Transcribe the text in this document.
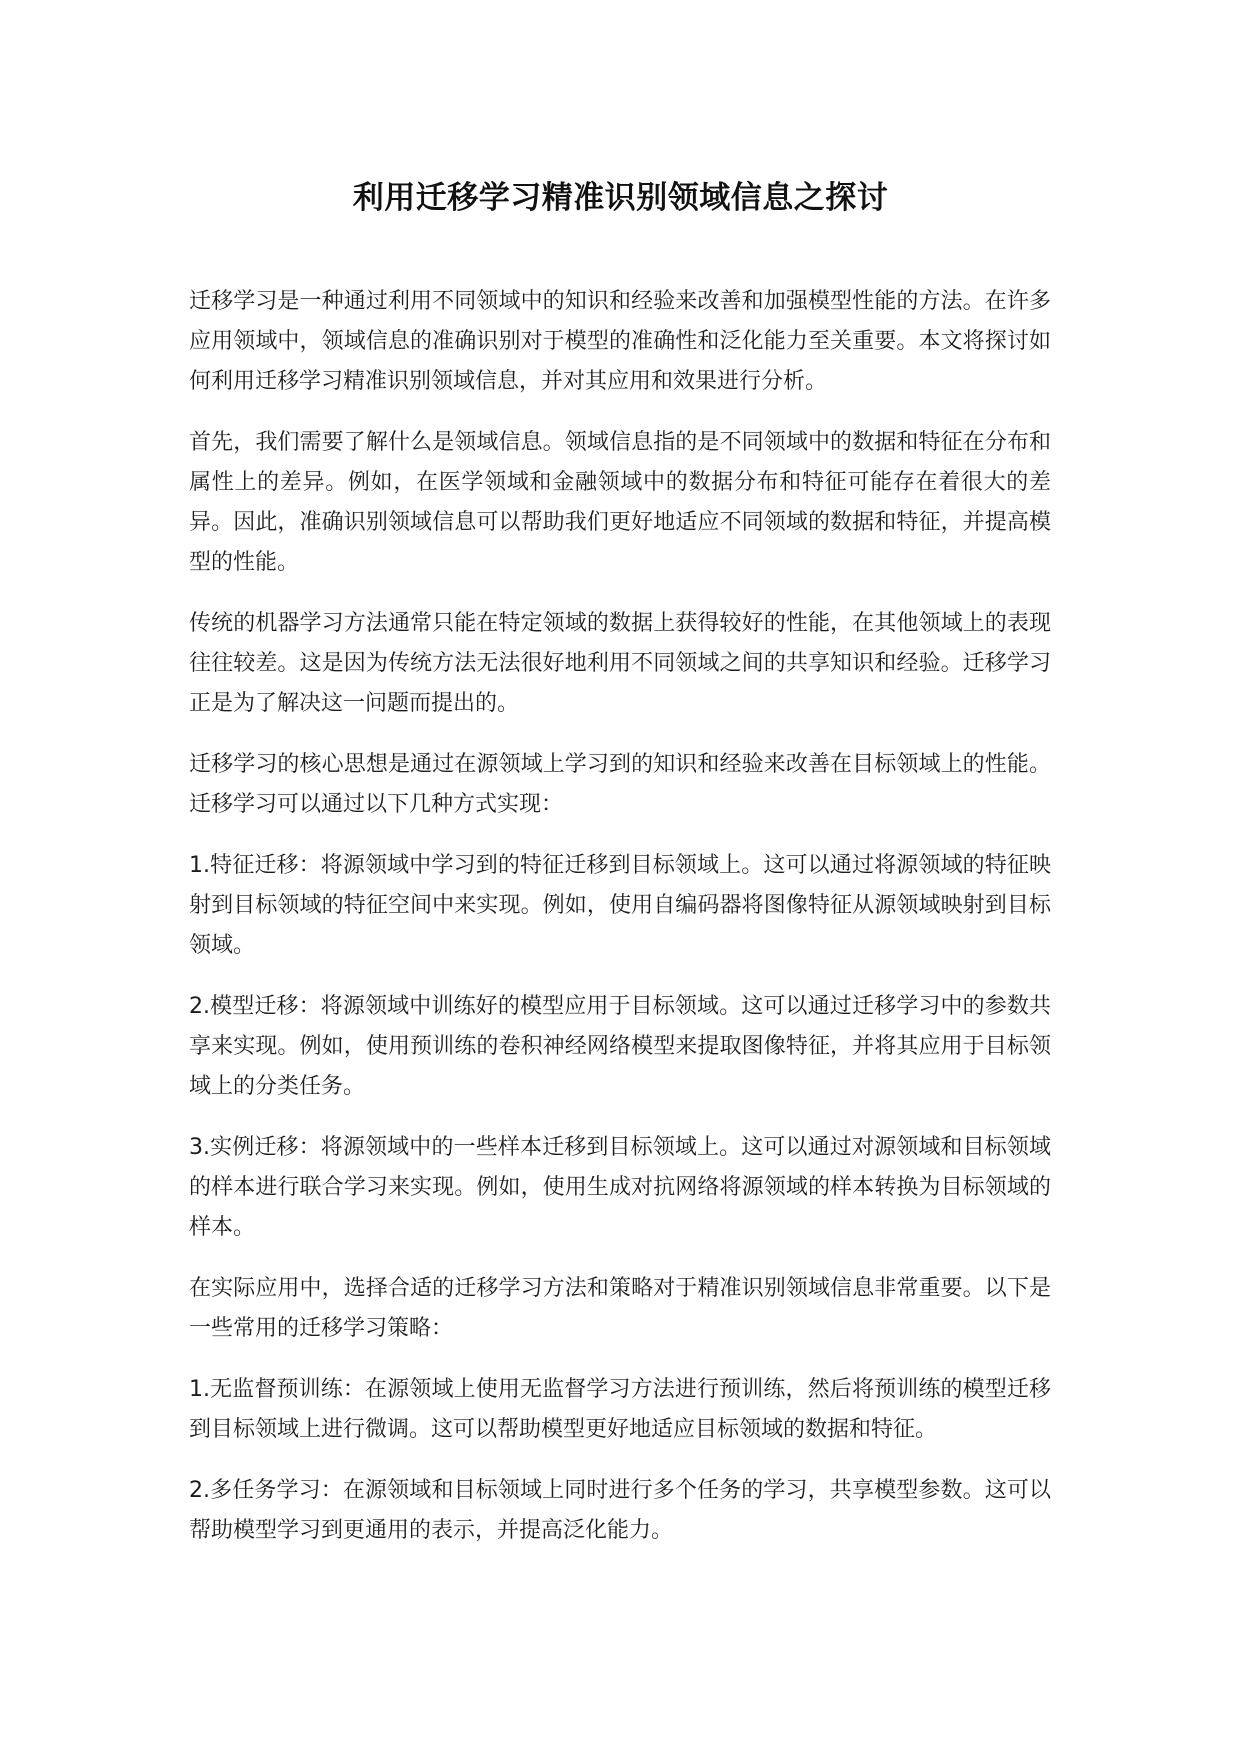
利用迁移学习精准识别领域信息之探讨

迁移学习是一种通过利用不同领域中的知识和经验来改善和加强模型性能的方法。在许多应用领域中，领域信息的准确识别对于模型的准确性和泛化能力至关重要。本文将探讨如何利用迁移学习精准识别领域信息，并对其应用和效果进行分析。

首先，我们需要了解什么是领域信息。领域信息指的是不同领域中的数据和特征在分布和属性上的差异。例如，在医学领域和金融领域中的数据分布和特征可能存在着很大的差异。因此，准确识别领域信息可以帮助我们更好地适应不同领域的数据和特征，并提高模型的性能。

传统的机器学习方法通常只能在特定领域的数据上获得较好的性能，在其他领域上的表现往往较差。这是因为传统方法无法很好地利用不同领域之间的共享知识和经验。迁移学习正是为了解决这一问题而提出的。

迁移学习的核心思想是通过在源领域上学习到的知识和经验来改善在目标领域上的性能。迁移学习可以通过以下几种方式实现：

1.特征迁移：将源领域中学习到的特征迁移到目标领域上。这可以通过将源领域的特征映射到目标领域的特征空间中来实现。例如，使用自编码器将图像特征从源领域映射到目标领域。

2.模型迁移：将源领域中训练好的模型应用于目标领域。这可以通过迁移学习中的参数共享来实现。例如，使用预训练的卷积神经网络模型来提取图像特征，并将其应用于目标领域上的分类任务。

3.实例迁移：将源领域中的一些样本迁移到目标领域上。这可以通过对源领域和目标领域的样本进行联合学习来实现。例如，使用生成对抗网络将源领域的样本转换为目标领域的样本。

在实际应用中，选择合适的迁移学习方法和策略对于精准识别领域信息非常重要。以下是一些常用的迁移学习策略：

1.无监督预训练：在源领域上使用无监督学习方法进行预训练，然后将预训练的模型迁移到目标领域上进行微调。这可以帮助模型更好地适应目标领域的数据和特征。

2.多任务学习：在源领域和目标领域上同时进行多个任务的学习，共享模型参数。这可以帮助模型学习到更通用的表示，并提高泛化能力。
